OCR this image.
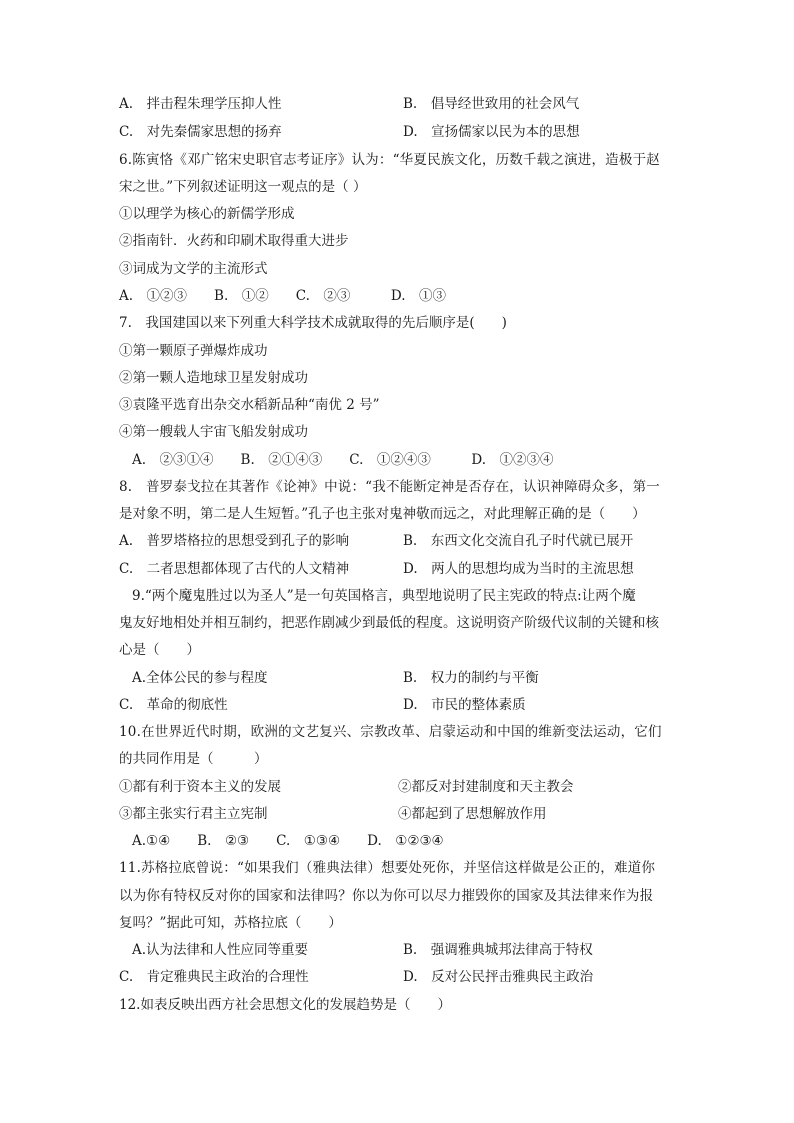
A.　拌击程朱理学压抑人性	B.　倡导经世致用的社会风气
C.　对先秦儒家思想的扬弃	D.　宣扬儒家以民为本的思想
6.陈寅恪《邓广铭宋史职官志考证序》认为：“华夏民族文化，历数千载之演进，造极于赵
宋之世。”下列叙述证明这一观点的是（ ）
①以理学为核心的新儒学形成
②指南针．火药和印刷术取得重大进步
③词成为文学的主流形式
A.　①②③　　B.　①②　　C.　②③　　　D.　①③
7.　我国建国以来下列重大科学技术成就取得的先后顺序是(　　)
①第一颗原子弹爆炸成功
②第一颗人造地球卫星发射成功
③袁隆平选育出杂交水稻新品种“南优 2 号”
④第一艘载人宇宙飞船发射成功
A.　②③①④　　B.　②①④③　　C.　①②④③　　　D.　①②③④
8.　普罗泰戈拉在其著作《论神》中说：“我不能断定神是否存在，认识神障碍众多，第一
是对象不明，第二是人生短暂。”孔子也主张对鬼神敬而远之，对此理解正确的是（　　）
A.　普罗塔格拉的思想受到孔子的影响	B.　东西文化交流自孔子时代就已展开
C.　二者思想都体现了古代的人文精神	D.　两人的思想均成为当时的主流思想
9.“两个魔鬼胜过以为圣人”是一句英国格言，典型地说明了民主宪政的特点:让两个魔
鬼友好地相处并相互制约，把恶作剧减少到最低的程度。这说明资产阶级代议制的关键和核
心是（　　）
A.全体公民的参与程度	B.　权力的制约与平衡
C.　革命的彻底性	D.　市民的整体素质
10.在世界近代时期，欧洲的文艺复兴、宗教改革、启蒙运动和中国的维新变法运动，它们
的共同作用是（　　　）
①都有利于资本主义的发展	②都反对封建制度和天主教会
③都主张实行君主立宪制	④都起到了思想解放作用
A.①④　　B.　②③　　C.　①③④　　D.　①②③④
11.苏格拉底曾说：“如果我们（雅典法律）想要处死你，并坚信这样做是公正的，难道你
以为你有特权反对你的国家和法律吗？你以为你可以尽力摧毁你的国家及其法律来作为报
复吗？”据此可知，苏格拉底（　　）
A.认为法律和人性应同等重要	B.　强调雅典城邦法律高于特权
C.　肯定雅典民主政治的合理性	D.　反对公民抨击雅典民主政治
12.如表反映出西方社会思想文化的发展趋势是（　　）
